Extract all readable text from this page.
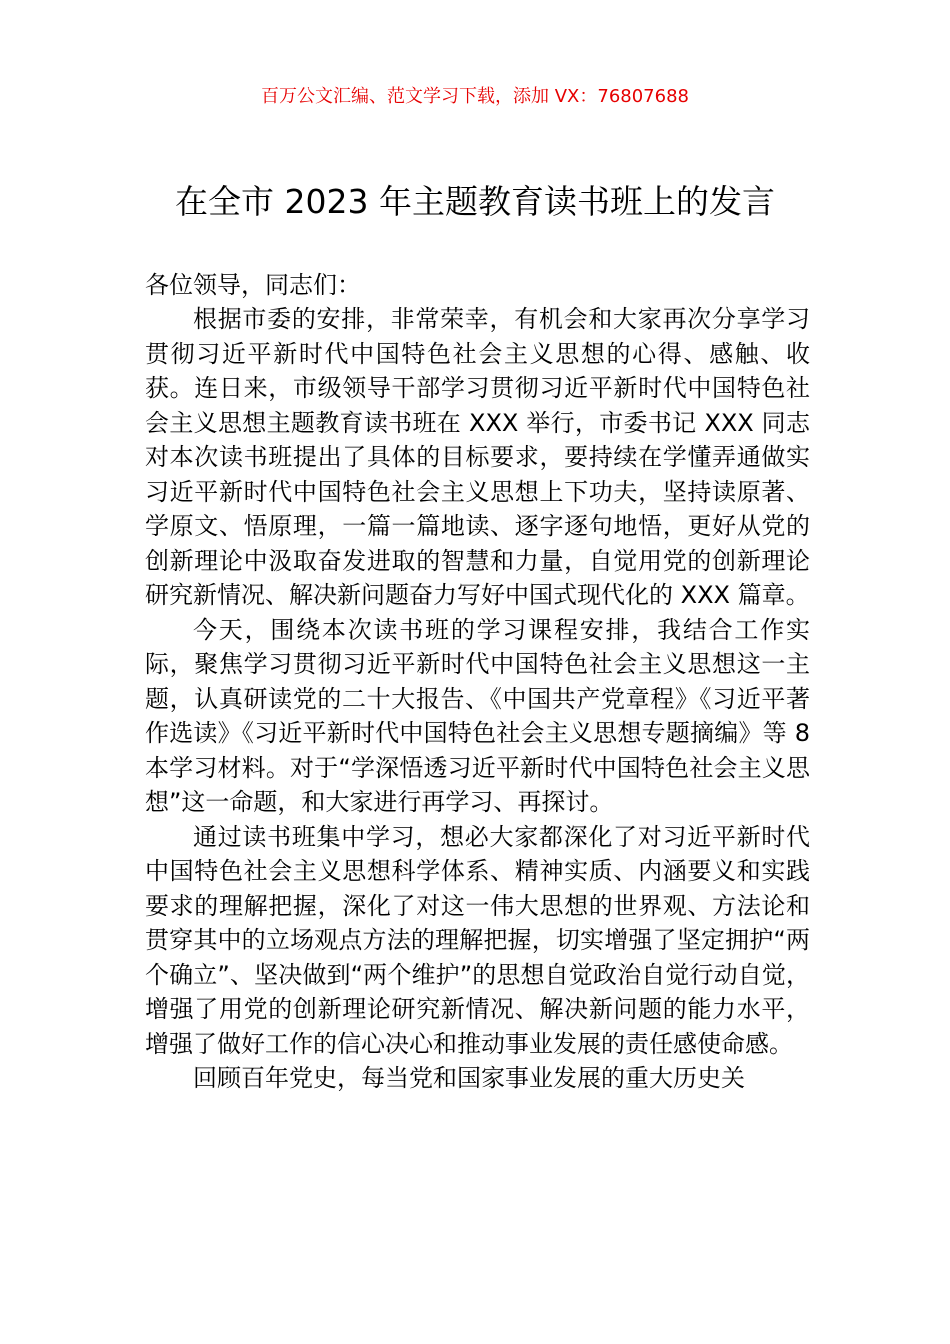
百万公文汇编、范文学习下载，添加 VX：76807688
在全市 2023 年主题教育读书班上的发言

各位领导，同志们：

根据市委的安排，非常荣幸，有机会和大家再次分享学习贯彻习近平新时代中国特色社会主义思想的心得、感触、收获。连日来，市级领导干部学习贯彻习近平新时代中国特色社会主义思想主题教育读书班在 XXX 举行，市委书记 XXX 同志对本次读书班提出了具体的目标要求，要持续在学懂弄通做实习近平新时代中国特色社会主义思想上下功夫，坚持读原著、学原文、悟原理，一篇一篇地读、逐字逐句地悟，更好从党的创新理论中汲取奋发进取的智慧和力量，自觉用党的创新理论研究新情况、解决新问题奋力写好中国式现代化的 XXX 篇章。

今天，围绕本次读书班的学习课程安排，我结合工作实际，聚焦学习贯彻习近平新时代中国特色社会主义思想这一主题，认真研读党的二十大报告、《中国共产党章程》《习近平著作选读》《习近平新时代中国特色社会主义思想专题摘编》等 8 本学习材料。对于“学深悟透习近平新时代中国特色社会主义思想”这一命题，和大家进行再学习、再探讨。

通过读书班集中学习，想必大家都深化了对习近平新时代中国特色社会主义思想科学体系、精神实质、内涵要义和实践要求的理解把握，深化了对这一伟大思想的世界观、方法论和贯穿其中的立场观点方法的理解把握，切实增强了坚定拥护“两个确立”、坚决做到“两个维护”的思想自觉政治自觉行动自觉，增强了用党的创新理论研究新情况、解决新问题的能力水平，增强了做好工作的信心决心和推动事业发展的责任感使命感。

回顾百年党史，每当党和国家事业发展的重大历史关
